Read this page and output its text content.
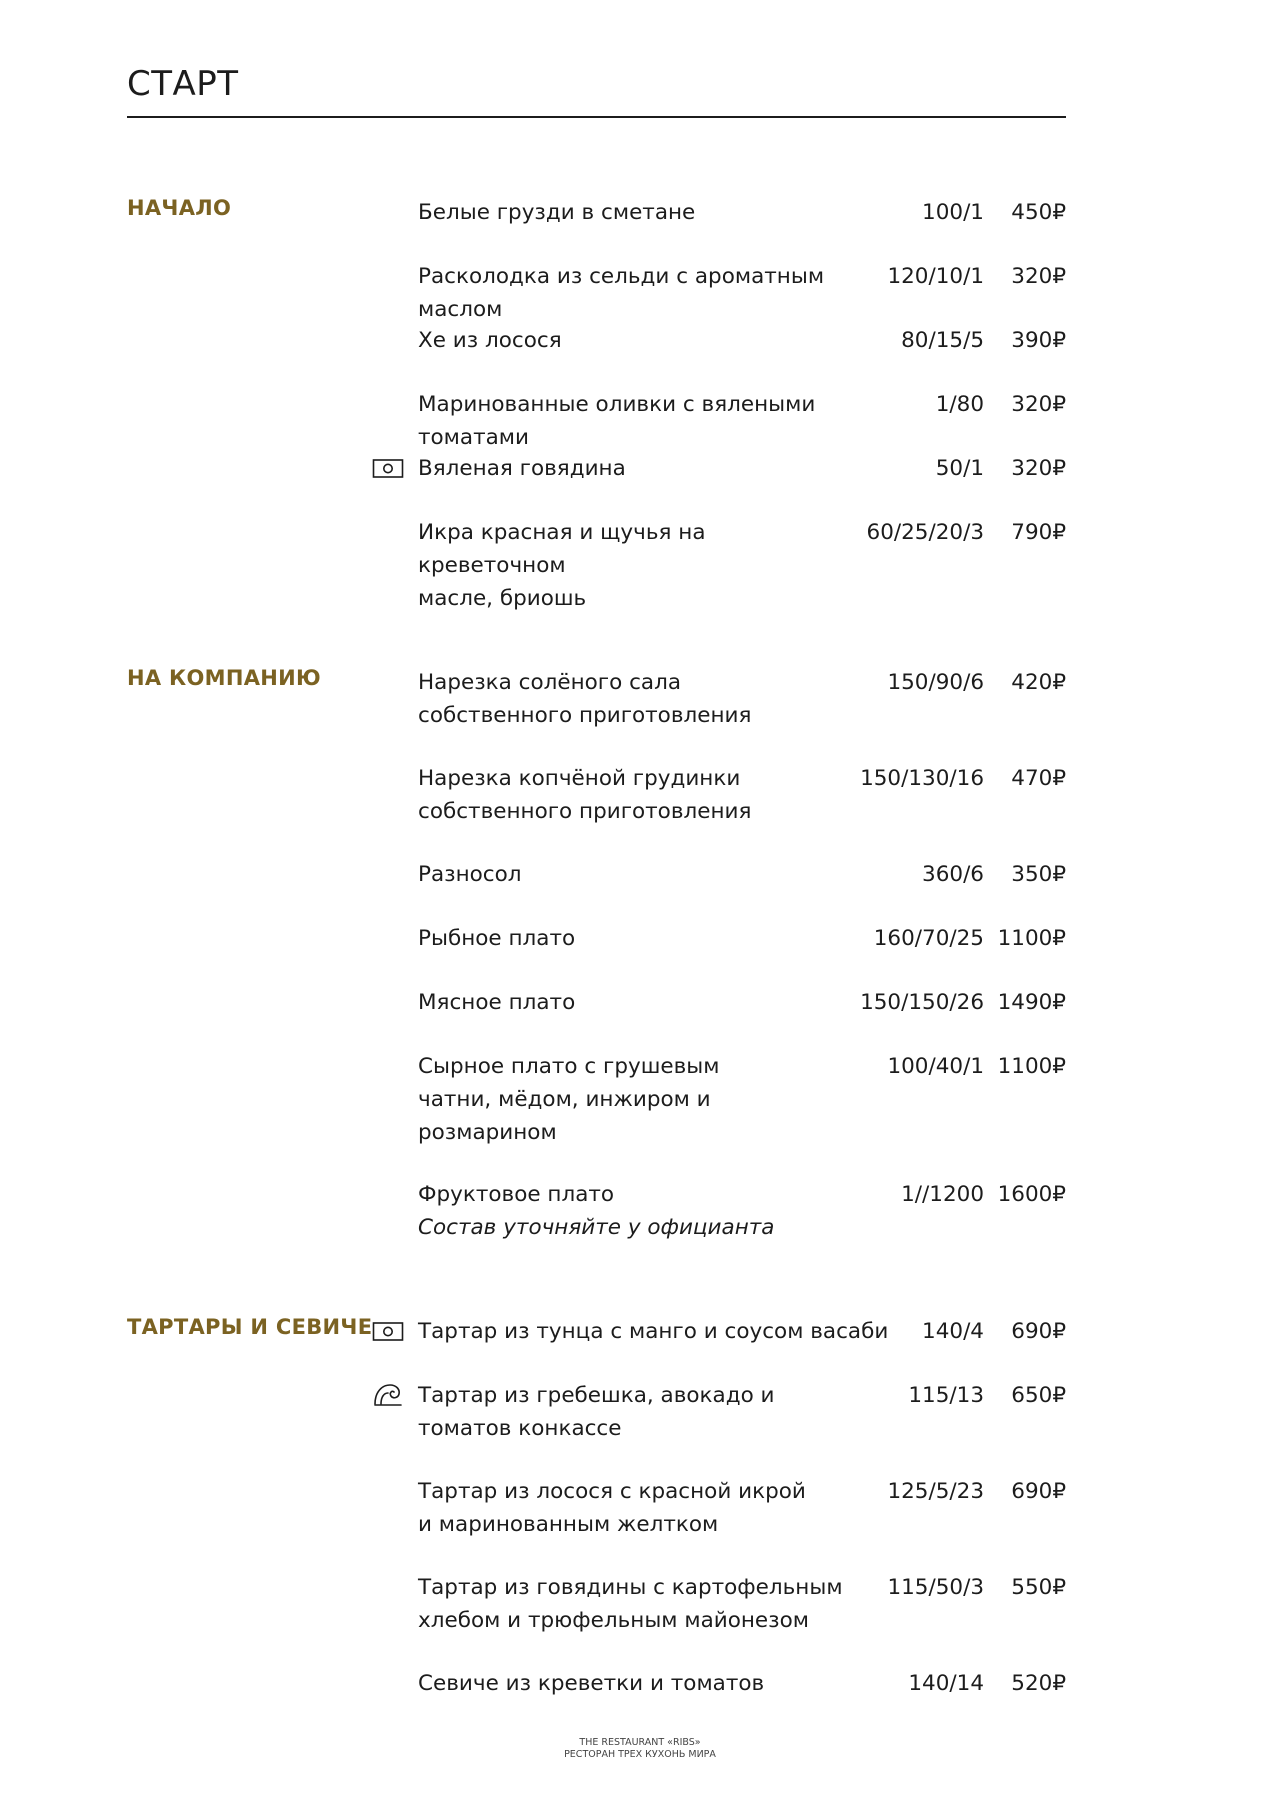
СТАРТ
НАЧАЛО	Белые грузди в сметане	100/1 450₽
Расколодка из сельди с ароматным маслом
120/10/1 320₽
Хе из лосося	80/15/5 390₽
Маринованные оливки с вялеными томатами
1/80 320₽
Вяленая говядина	50/1 320₽
Икра красная и щучья на креветочном
масле, бриошь
60/25/20/3 790₽
НА КОМПАНИЮ	Нарезка солёного сала
собственного приготовления
150/90/6 420₽
Нарезка копчёной грудинки
собственного приготовления
150/130/16 470₽
Разносол	360/6 350₽
Рыбное плато	160/70/25 1100₽
Мясное плато	150/150/26 1490₽
Сырное плато с грушевым
чатни, мёдом, инжиром и
розмарином
100/40/1 1100₽
Фруктовое плато
Состав уточняйте у официанта
1//1200 1600₽
ТАРТАРЫ И СЕВИЧЕ Тартар из тунца с манго и соусом васаби	140/4 690₽
Тартар из гребешка, авокадо и
томатов конкассе
115/13 650₽
Тартар из лосося с красной икрой
и маринованным желтком
125/5/23 690₽
Тартар из говядины с картофельным
хлебом и трюфельным майонезом
115/50/3 550₽
Севиче из креветки и томатов	140/14 520₽
THE RESTAURANT «RIBS»
РЕСТОРАН ТРЕХ КУХОНЬ МИРА
